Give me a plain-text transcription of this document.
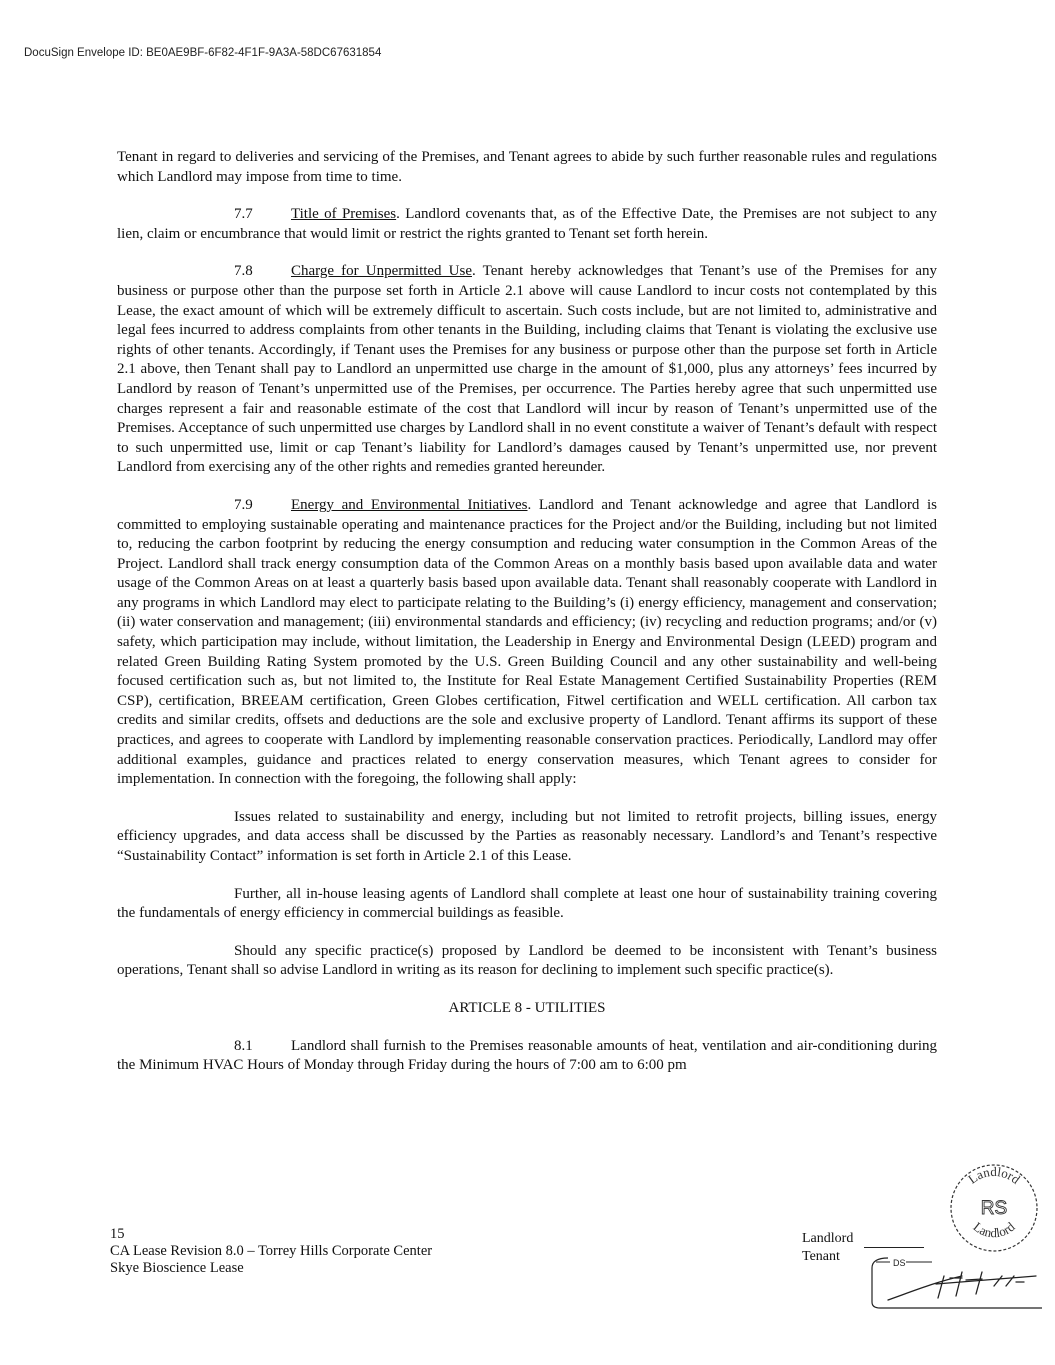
DocuSign Envelope ID: BE0AE9BF-6F82-4F1F-9A3A-58DC67631854

Tenant in regard to deliveries and servicing of the Premises, and Tenant agrees to abide by such further reasonable rules and regulations which Landlord may impose from time to time.

7.7	Title of Premises. Landlord covenants that, as of the Effective Date, the Premises are not subject to any lien, claim or encumbrance that would limit or restrict the rights granted to Tenant set forth herein.

7.8	Charge for Unpermitted Use. Tenant hereby acknowledges that Tenant’s use of the Premises for any business or purpose other than the purpose set forth in Article 2.1 above will cause Landlord to incur costs not contemplated by this Lease, the exact amount of which will be extremely difficult to ascertain. Such costs include, but are not limited to, administrative and legal fees incurred to address complaints from other tenants in the Building, including claims that Tenant is violating the exclusive use rights of other tenants. Accordingly, if Tenant uses the Premises for any business or purpose other than the purpose set forth in Article 2.1 above, then Tenant shall pay to Landlord an unpermitted use charge in the amount of $1,000, plus any attorneys’ fees incurred by Landlord by reason of Tenant’s unpermitted use of the Premises, per occurrence. The Parties hereby agree that such unpermitted use charges represent a fair and reasonable estimate of the cost that Landlord will incur by reason of Tenant’s unpermitted use of the Premises. Acceptance of such unpermitted use charges by Landlord shall in no event constitute a waiver of Tenant’s default with respect to such unpermitted use, limit or cap Tenant’s liability for Landlord’s damages caused by Tenant’s unpermitted use, nor prevent Landlord from exercising any of the other rights and remedies granted hereunder.

7.9	Energy and Environmental Initiatives. Landlord and Tenant acknowledge and agree that Landlord is committed to employing sustainable operating and maintenance practices for the Project and/or the Building, including but not limited to, reducing the carbon footprint by reducing the energy consumption and reducing water consumption in the Common Areas of the Project. Landlord shall track energy consumption data of the Common Areas on a monthly basis based upon available data and water usage of the Common Areas on at least a quarterly basis based upon available data. Tenant shall reasonably cooperate with Landlord in any programs in which Landlord may elect to participate relating to the Building’s (i) energy efficiency, management and conservation; (ii) water conservation and management; (iii) environmental standards and efficiency; (iv) recycling and reduction programs; and/or (v) safety, which participation may include, without limitation, the Leadership in Energy and Environmental Design (LEED) program and related Green Building Rating System promoted by the U.S. Green Building Council and any other sustainability and well-being focused certification such as, but not limited to, the Institute for Real Estate Management Certified Sustainability Properties (REM CSP), certification, BREEAM certification, Green Globes certification, Fitwel certification and WELL certification. All carbon tax credits and similar credits, offsets and deductions are the sole and exclusive property of Landlord. Tenant affirms its support of these practices, and agrees to cooperate with Landlord by implementing reasonable conservation practices. Periodically, Landlord may offer additional examples, guidance and practices related to energy conservation measures, which Tenant agrees to consider for implementation. In connection with the foregoing, the following shall apply:

Issues related to sustainability and energy, including but not limited to retrofit projects, billing issues, energy efficiency upgrades, and data access shall be discussed by the Parties as reasonably necessary. Landlord’s and Tenant’s respective “Sustainability Contact” information is set forth in Article 2.1 of this Lease.

Further, all in-house leasing agents of Landlord shall complete at least one hour of sustainability training covering the fundamentals of energy efficiency in commercial buildings as feasible.

Should any specific practice(s) proposed by Landlord be deemed to be inconsistent with Tenant’s business operations, Tenant shall so advise Landlord in writing as its reason for declining to implement such specific practice(s).

ARTICLE 8 - UTILITIES

8.1	Landlord shall furnish to the Premises reasonable amounts of heat, ventilation and air-conditioning during the Minimum HVAC Hours of Monday through Friday during the hours of 7:00 am to 6:00 pm

15
CA Lease Revision 8.0 – Torrey Hills Corporate Center
Skye Bioscience Lease
Landlord
Tenant
Landlord
RS
Landlord
DS
